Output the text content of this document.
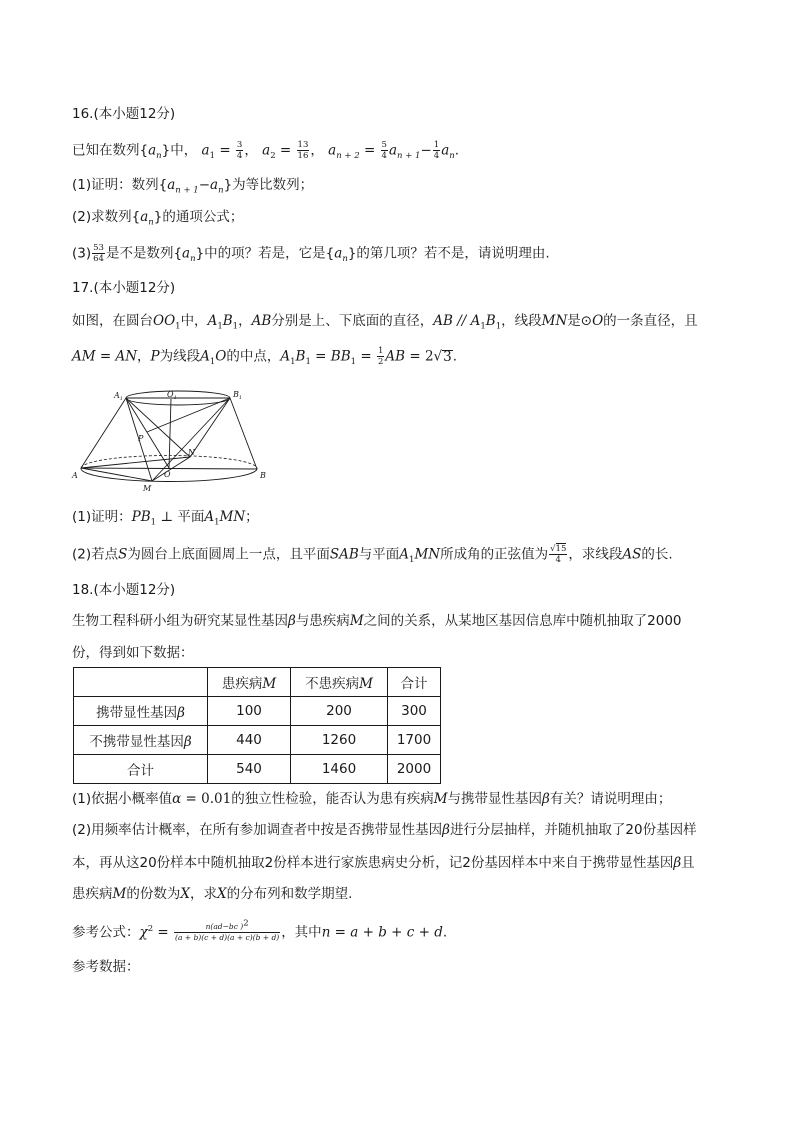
16.(本小题12分)
已知在数列$\{a_n\}$中， $a_1 = \frac{3}{4}$ ， $a_2 = \frac{13}{16}$ ， $a_{n + 2} = \frac{5}{4} a_{n + 1}- \frac{1}{4} a_n$.
(1)证明：数列$\{a_{n + 1}-a_n\}$为等比数列；
(2)求数列$\{a_n\}$的通项公式；
$(3) \frac{53}{64}$ 是不是数列$\{a_n\}$中的项？若是，它是$\{a_n\}$的第几项？若不是，请说明理由.
17.(本小题12分)
如图，在圆台$OO_1$中，$A_1B_1$，AB分别是上、下底面的直径，AB // $A_1B_1$，线段MN是⊙O的一条直径，且
AM = AN，P为线段$A_1O$的中点，$A_1B_1 = BB_1 = \frac{1}{2}$ AB = 2√3.
$A_1$	$B_1$
$O_1$
P
N
O
A	B
M
(1)证明：$PB_1$ ⊥ 平面$A_1MN$；
(2)若点S为圆台上底面圆周上一点，且平面SAB与平面$A_1MN$所成角的正弦值为 $\frac{√15}{4}$ ，求线段AS的长.
18.(本小题12分)
生物工程科研小组为研究某显性基因β与患疾病M之间的关系，从某地区基因信息库中随机抽取了2000
份，得到如下数据：
	患疾病M	不患疾病M	合计
携带显性基因β	100	200	300
不携带显性基因β	440	1260	1700
合计	540	1460	2000
(1)依据小概率值α = 0.01的独立性检验，能否认为患有疾病M与携带显性基因β有关？请说明理由；
(2)用频率估计概率，在所有参加调查者中按是否携带显性基因β进行分层抽样，并随机抽取了20份基因样
本，再从这20份样本中随机抽取2份样本进行家族患病史分析，记2份基因样本中来自于携带显性基因β且
患疾病M的份数为X，求X的分布列和数学期望.
参考公式：$\chi^2 = \frac{n(ad-bc )^2}{(a + b)(c + d)(a + c)(b + d)}$ ，其中n = a + b + c + d.
参考数据：
